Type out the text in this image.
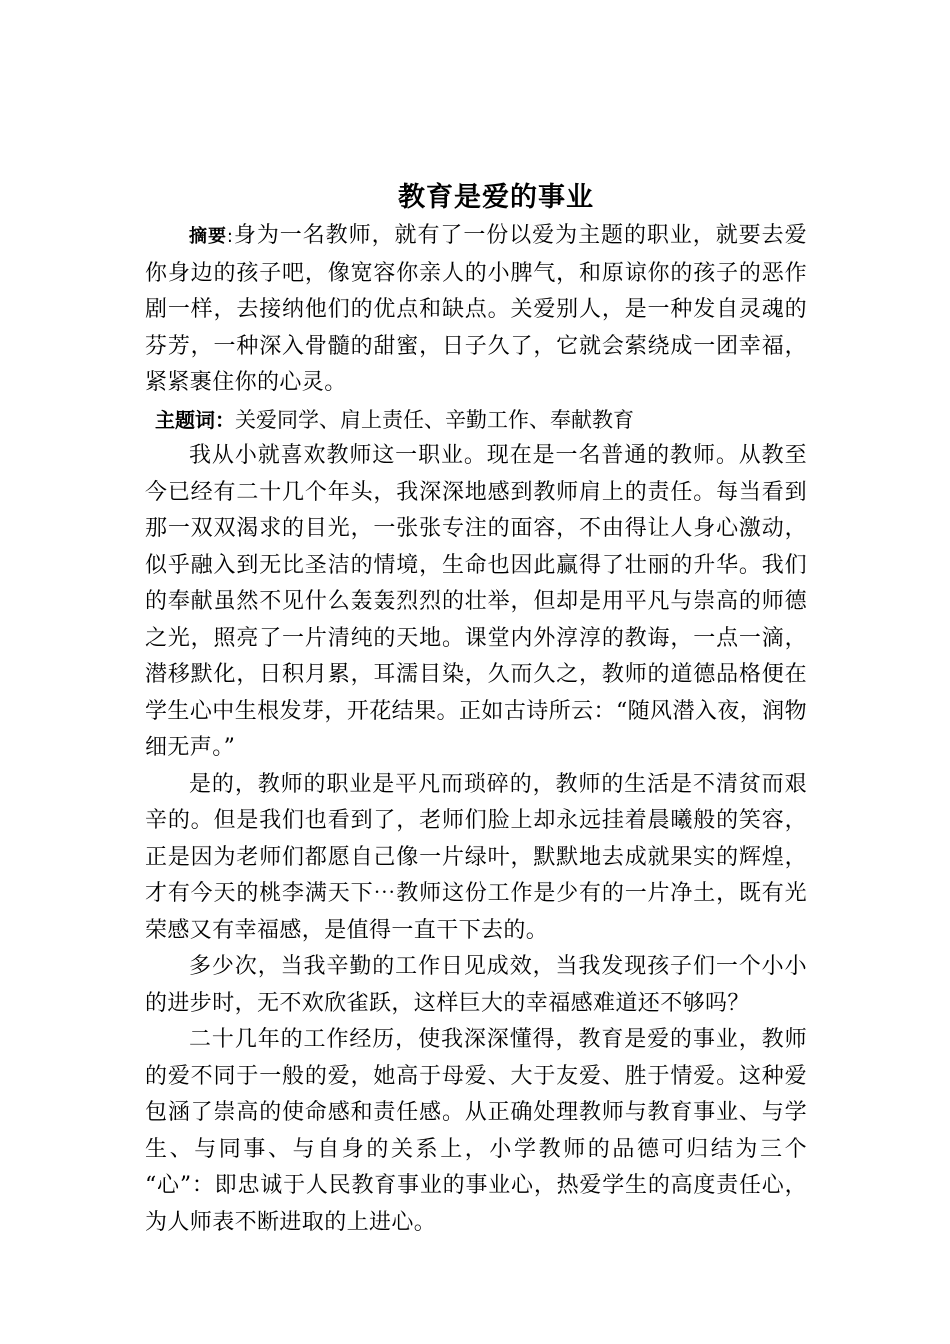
教育是爱的事业

摘要:身为一名教师，就有了一份以爱为主题的职业，就要去爱你身边的孩子吧，像宽容你亲人的小脾气，和原谅你的孩子的恶作剧一样，去接纳他们的优点和缺点。关爱别人，是一种发自灵魂的芬芳，一种深入骨髓的甜蜜，日子久了，它就会萦绕成一团幸福，紧紧裹住你的心灵。

主题词：关爱同学、肩上责任、辛勤工作、奉献教育

我从小就喜欢教师这一职业。现在是一名普通的教师。从教至今已经有二十几个年头，我深深地感到教师肩上的责任。每当看到那一双双渴求的目光，一张张专注的面容，不由得让人身心激动，似乎融入到无比圣洁的情境，生命也因此赢得了壮丽的升华。我们的奉献虽然不见什么轰轰烈烈的壮举，但却是用平凡与崇高的师德之光，照亮了一片清纯的天地。课堂内外淳淳的教诲，一点一滴，潜移默化，日积月累，耳濡目染，久而久之，教师的道德品格便在学生心中生根发芽，开花结果。正如古诗所云：“随风潜入夜，润物细无声。”

是的，教师的职业是平凡而琐碎的，教师的生活是不清贫而艰辛的。但是我们也看到了，老师们脸上却永远挂着晨曦般的笑容，正是因为老师们都愿自己像一片绿叶，默默地去成就果实的辉煌，才有今天的桃李满天下⋯教师这份工作是少有的一片净土，既有光荣感又有幸福感，是值得一直干下去的。

多少次，当我辛勤的工作日见成效，当我发现孩子们一个小小的进步时，无不欢欣雀跃，这样巨大的幸福感难道还不够吗？

二十几年的工作经历，使我深深懂得，教育是爱的事业，教师的爱不同于一般的爱，她高于母爱、大于友爱、胜于情爱。这种爱包涵了崇高的使命感和责任感。从正确处理教师与教育事业、与学生、与同事、与自身的关系上，小学教师的品德可归结为三个 “心”：即忠诚于人民教育事业的事业心，热爱学生的高度责任心，为人师表不断进取的上进心。
